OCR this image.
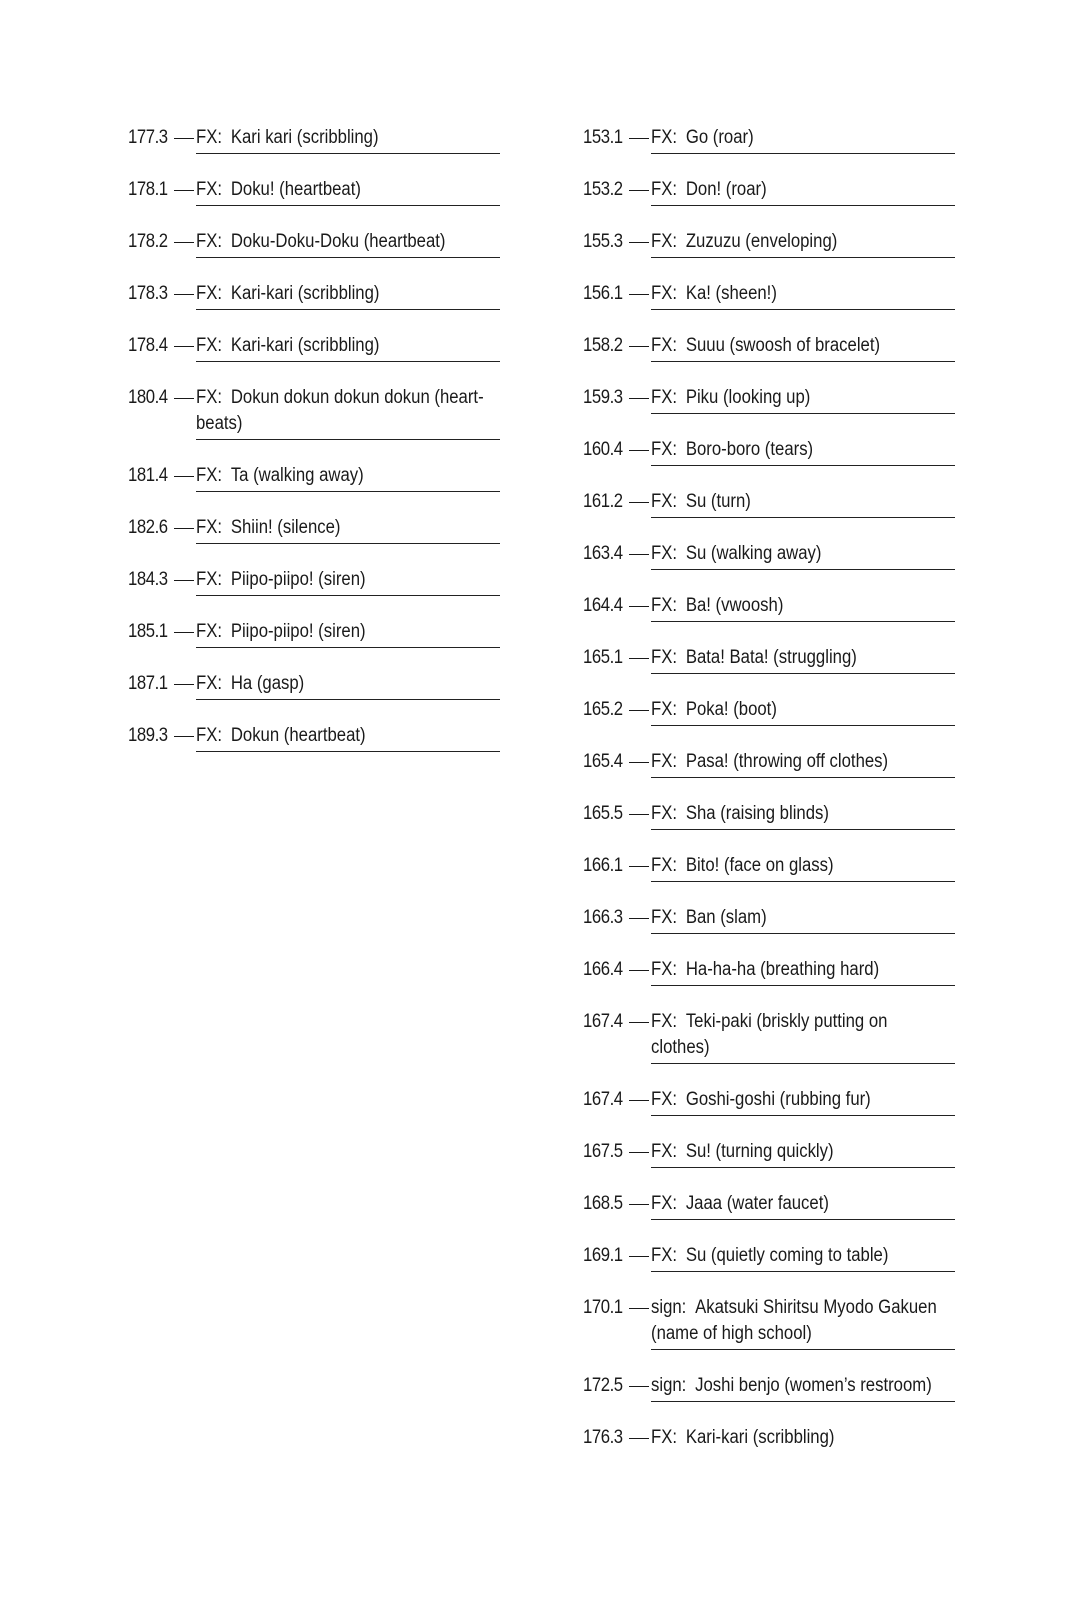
177.3	FX: Kari kari (scribbling)
178.1	FX: Doku! (heartbeat)
178.2	FX: Doku-Doku-Doku (heartbeat)
178.3	FX: Kari-kari (scribbling)
178.4	FX: Kari-kari (scribbling)
180.4	FX: Dokun dokun dokun dokun (heart-
beats)
181.4	FX: Ta (walking away)
182.6	FX: Shiin! (silence)
184.3	FX: Piipo-piipo! (siren)
185.1	FX: Piipo-piipo! (siren)
187.1	FX: Ha (gasp)
189.3	FX: Dokun (heartbeat)
153.1	FX: Go (roar)
153.2	FX: Don! (roar)
155.3	FX: Zuzuzu (enveloping)
156.1	FX: Ka! (sheen!)
158.2	FX: Suuu (swoosh of bracelet)
159.3	FX: Piku (looking up)
160.4	FX: Boro-boro (tears)
161.2	FX: Su (turn)
163.4	FX: Su (walking away)
164.4	FX: Ba! (vwoosh)
165.1	FX: Bata! Bata! (struggling)
165.2	FX: Poka! (boot)
165.4	FX: Pasa! (throwing off clothes)
165.5	FX: Sha (raising blinds)
166.1	FX: Bito! (face on glass)
166.3	FX: Ban (slam)
166.4	FX: Ha-ha-ha (breathing hard)
167.4	FX: Teki-paki (briskly putting on
clothes)
167.4	FX: Goshi-goshi (rubbing fur)
167.5	FX: Su! (turning quickly)
168.5	FX: Jaaa (water faucet)
169.1	FX: Su (quietly coming to table)
170.1	sign: Akatsuki Shiritsu Myodo Gakuen
(name of high school)
172.5	sign: Joshi benjo (women’s restroom)
176.3	FX: Kari-kari (scribbling)
